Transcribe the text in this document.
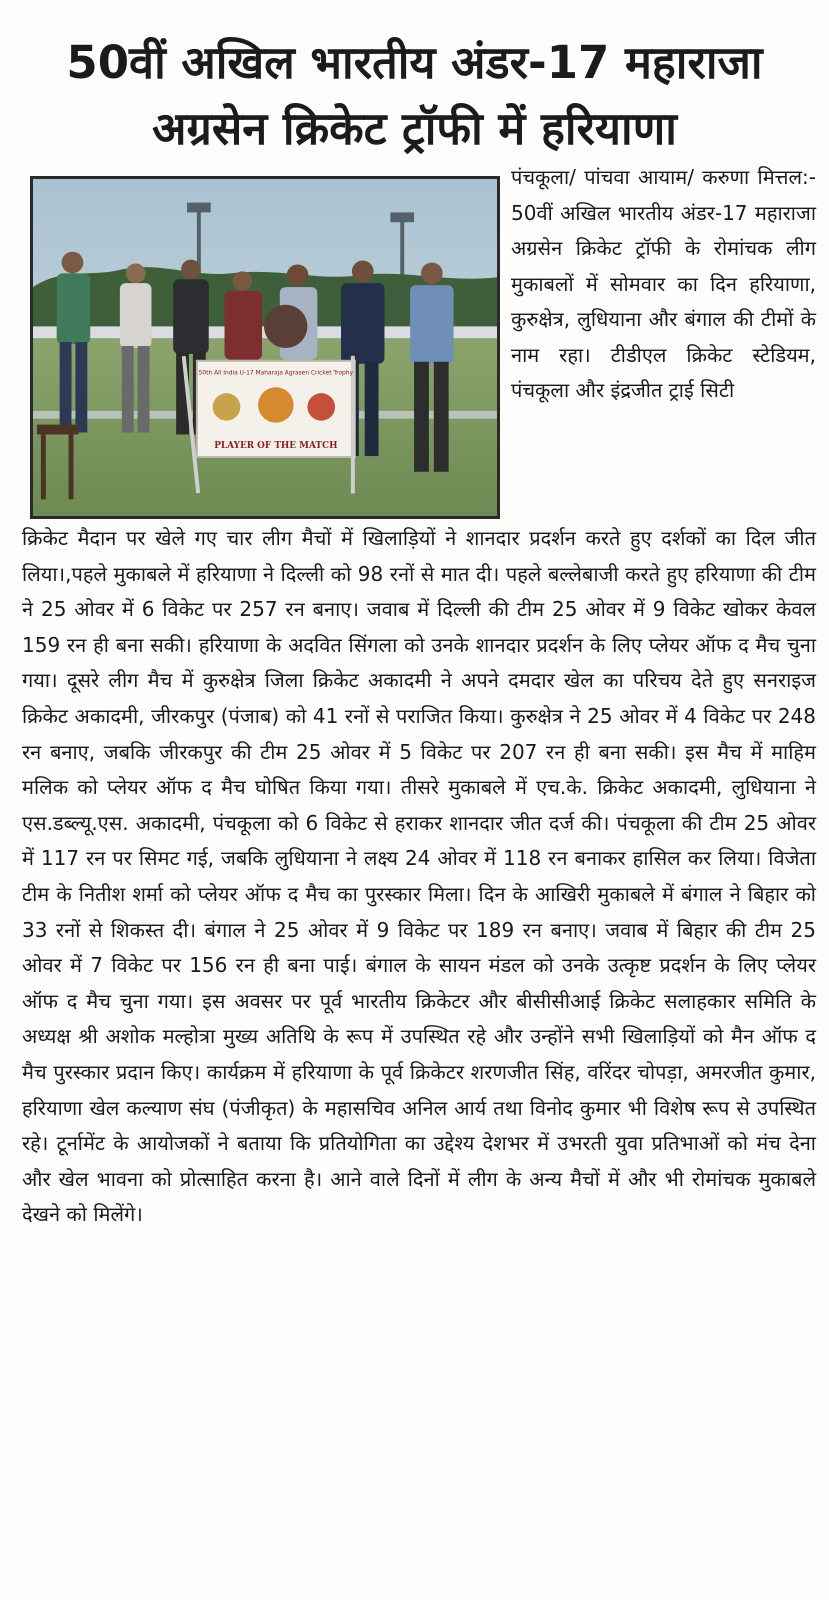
50वीं अखिल भारतीय अंडर-17 महाराजा
अग्रसेन क्रिकेट ट्रॉफी में हरियाणा
50th All India U-17 Maharaja Agrasen Cricket Trophy
PLAYER OF THE MATCH

पंचकूला/ पांचवा आयाम/ करुणा मित्तल:- 50वीं अखिल भारतीय अंडर-17 महाराजा अग्रसेन क्रिकेट ट्रॉफी के रोमांचक लीग मुकाबलों में सोमवार का दिन हरियाणा, कुरुक्षेत्र, लुधियाना और बंगाल की टीमों के नाम रहा। टीडीएल क्रिकेट स्टेडियम, पंचकूला और इंद्रजीत ट्राई सिटी

क्रिकेट मैदान पर खेले गए चार लीग मैचों में खिलाड़ियों ने शानदार प्रदर्शन करते हुए दर्शकों का दिल जीत लिया।,पहले मुकाबले में हरियाणा ने दिल्ली को 98 रनों से मात दी। पहले बल्लेबाजी करते हुए हरियाणा की टीम ने 25 ओवर में 6 विकेट पर 257 रन बनाए। जवाब में दिल्ली की टीम 25 ओवर में 9 विकेट खोकर केवल 159 रन ही बना सकी। हरियाणा के अदवित सिंगला को उनके शानदार प्रदर्शन के लिए प्लेयर ऑफ द मैच चुना गया। दूसरे लीग मैच में कुरुक्षेत्र जिला क्रिकेट अकादमी ने अपने दमदार खेल का परिचय देते हुए सनराइज क्रिकेट अकादमी, जीरकपुर (पंजाब) को 41 रनों से पराजित किया। कुरुक्षेत्र ने 25 ओवर में 4 विकेट पर 248 रन बनाए, जबकि जीरकपुर की टीम 25 ओवर में 5 विकेट पर 207 रन ही बना सकी। इस मैच में माहिम मलिक को प्लेयर ऑफ द मैच घोषित किया गया। तीसरे मुकाबले में एच.के. क्रिकेट अकादमी, लुधियाना ने एस.डब्ल्यू.एस. अकादमी, पंचकूला को 6 विकेट से हराकर शानदार जीत दर्ज की। पंचकूला की टीम 25 ओवर में 117 रन पर सिमट गई, जबकि लुधियाना ने लक्ष्य 24 ओवर में 118 रन बनाकर हासिल कर लिया। विजेता टीम के नितीश शर्मा को प्लेयर ऑफ द मैच का पुरस्कार मिला। दिन के आखिरी मुकाबले में बंगाल ने बिहार को 33 रनों से शिकस्त दी। बंगाल ने 25 ओवर में 9 विकेट पर 189 रन बनाए। जवाब में बिहार की टीम 25 ओवर में 7 विकेट पर 156 रन ही बना पाई। बंगाल के सायन मंडल को उनके उत्कृष्ट प्रदर्शन के लिए प्लेयर ऑफ द मैच चुना गया। इस अवसर पर पूर्व भारतीय क्रिकेटर और बीसीसीआई क्रिकेट सलाहकार समिति के अध्यक्ष श्री अशोक मल्होत्रा मुख्य अतिथि के रूप में उपस्थित रहे और उन्होंने सभी खिलाड़ियों को मैन ऑफ द मैच पुरस्कार प्रदान किए। कार्यक्रम में हरियाणा के पूर्व क्रिकेटर शरणजीत सिंह, वरिंदर चोपड़ा, अमरजीत कुमार, हरियाणा खेल कल्याण संघ (पंजीकृत) के महासचिव अनिल आर्य तथा विनोद कुमार भी विशेष रूप से उपस्थित रहे। टूर्नामेंट के आयोजकों ने बताया कि प्रतियोगिता का उद्देश्य देशभर में उभरती युवा प्रतिभाओं को मंच देना और खेल भावना को प्रोत्साहित करना है। आने वाले दिनों में लीग के अन्य मैचों में और भी रोमांचक मुकाबले देखने को मिलेंगे।
